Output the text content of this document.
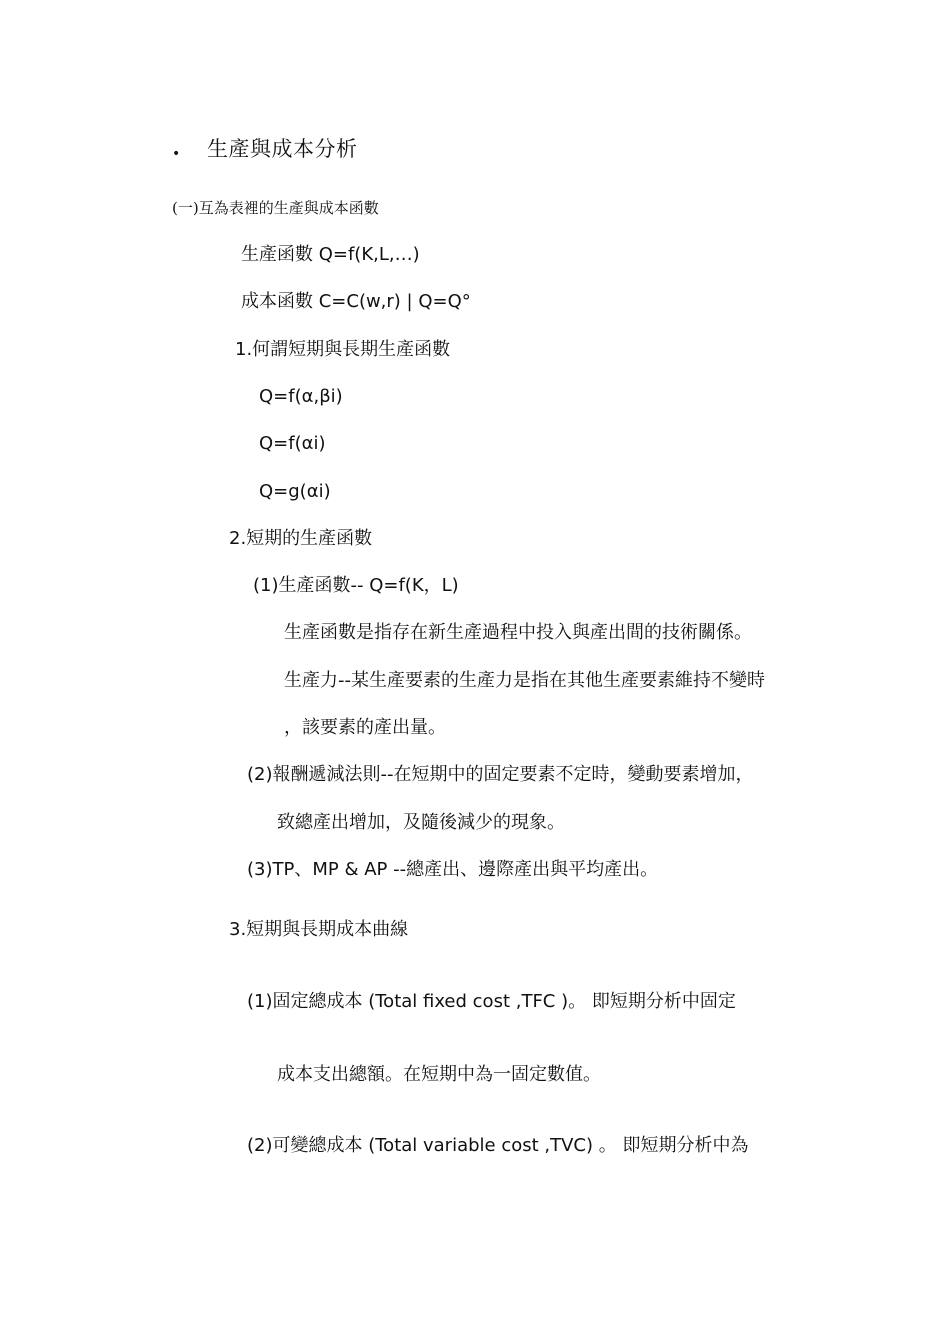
• 生產與成本分析
(一)互為表裡的生產與成本函數
生產函數 Q=f(K,L,…)
成本函數 C=C(w,r) | Q=Q°
1.何謂短期與長期生產函數
Q=f(α,βi)
Q=f(αi)
Q=g(αi)
2.短期的生產函數
(1)生產函數-- Q=f(K，L)
生產函數是指存在新生產過程中投入與產出間的技術關係。
生產力--某生產要素的生產力是指在其他生產要素維持不變時
，該要素的產出量。
(2)報酬遞減法則--在短期中的固定要素不定時，變動要素增加，
致總產出增加，及隨後減少的現象。
(3)TP、MP & AP --總產出、邊際產出與平均產出。
3.短期與長期成本曲線
(1)固定總成本 (Total fixed cost ,TFC )。 即短期分析中固定
成本支出總額。在短期中為一固定數值。
(2)可變總成本 (Total variable cost ,TVC) 。 即短期分析中為
